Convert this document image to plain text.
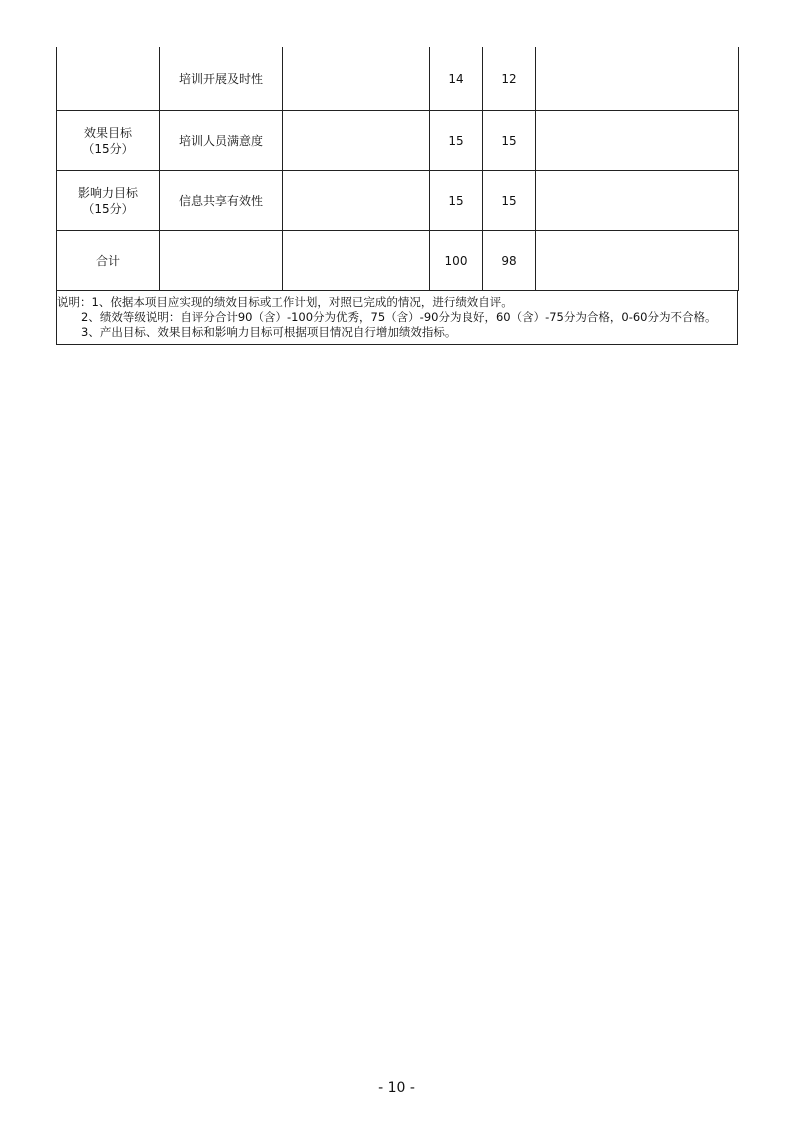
	培训开展及时性		14	12	

效果目标
（15分）	培训人员满意度		15	15	

影响力目标
（15分）	信息共享有效性		15	15	
合计			100	98	
说明：1、依据本项目应实现的绩效目标或工作计划，对照已完成的情况，进行绩效自评。
2、绩效等级说明：自评分合计90（含）-100分为优秀，75（含）-90分为良好，60（含）-75分为合格，0-60分为不合格。
3、产出目标、效果目标和影响力目标可根据项目情况自行增加绩效指标。
- 10 -
